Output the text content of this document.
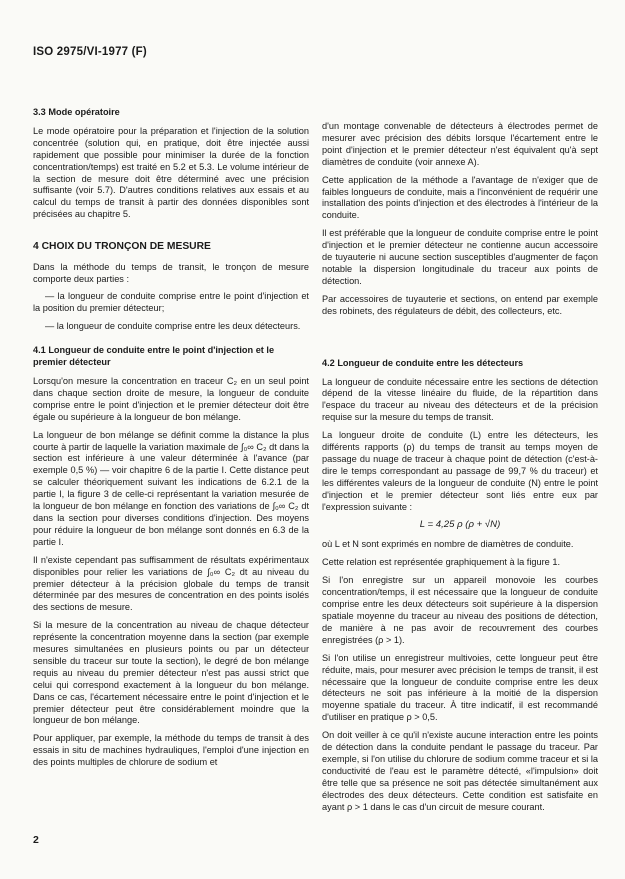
ISO 2975/VI-1977 (F)
3.3 Mode opératoire

Le mode opératoire pour la préparation et l'injection de la solution concentrée (solution qui, en pratique, doit être injectée aussi rapidement que possible pour minimiser la durée de la fonction concentration/temps) est traité en 5.2 et 5.3. Le volume intérieur de la section de mesure doit être déterminé avec une précision suffisante (voir 5.7). D'autres conditions relatives aux essais et au calcul du temps de transit à partir des données disponibles sont précisées au chapitre 5.

4 CHOIX DU TRONÇON DE MESURE

Dans la méthode du temps de transit, le tronçon de mesure comporte deux parties :

— la longueur de conduite comprise entre le point d'injection et la position du premier détecteur;

— la longueur de conduite comprise entre les deux détecteurs.

4.1 Longueur de conduite entre le point d'injection et le premier détecteur

Lorsqu'on mesure la concentration en traceur C₂ en un seul point dans chaque section droite de mesure, la longueur de conduite comprise entre le point d'injection et le premier détecteur doit être égale ou supérieure à la longueur de bon mélange.

La longueur de bon mélange se définit comme la distance la plus courte à partir de laquelle la variation maximale de ∫₀∞ C₂ dt dans la section est inférieure à une valeur déterminée à l'avance (par exemple 0,5 %) — voir chapitre 6 de la partie I. Cette distance peut se calculer théoriquement suivant les indications de 6.2.1 de la partie I, la figure 3 de celle-ci représentant la variation mesurée de la longueur de bon mélange en fonction des variations de ∫₀∞ C₂ dt dans la section pour diverses conditions d'injection. Des moyens pour réduire la longueur de bon mélange sont donnés en 6.3 de la partie I.

Il n'existe cependant pas suffisamment de résultats expérimentaux disponibles pour relier les variations de ∫₀∞ C₂ dt au niveau du premier détecteur à la précision globale du temps de transit déterminée par des mesures de concentration en des points isolés des sections de mesure.

Si la mesure de la concentration au niveau de chaque détecteur représente la concentration moyenne dans la section (par exemple mesures simultanées en plusieurs points ou par un détecteur sensible du traceur sur toute la section), le degré de bon mélange requis au niveau du premier détecteur n'est pas aussi strict que celui qui correspond exactement à la longueur du bon mélange. Dans ce cas, l'écartement nécessaire entre le point d'injection et le premier détecteur peut être considérablement moindre que la longueur de bon mélange.

Pour appliquer, par exemple, la méthode du temps de transit à des essais in situ de machines hydrauliques, l'emploi d'une injection en des points multiples de chlorure de sodium et

d'un montage convenable de détecteurs à électrodes permet de mesurer avec précision des débits lorsque l'écartement entre le point d'injection et le premier détecteur n'est équivalent qu'à sept diamètres de conduite (voir annexe A).

Cette application de la méthode a l'avantage de n'exiger que de faibles longueurs de conduite, mais a l'inconvénient de requérir une installation des points d'injection et des électrodes à l'intérieur de la conduite.

Il est préférable que la longueur de conduite comprise entre le point d'injection et le premier détecteur ne contienne aucun accessoire de tuyauterie ni aucune section susceptibles d'augmenter de façon notable la dispersion longitudinale du traceur aux points de détection.

Par accessoires de tuyauterie et sections, on entend par exemple des robinets, des régulateurs de débit, des collecteurs, etc.

4.2 Longueur de conduite entre les détecteurs

La longueur de conduite nécessaire entre les sections de détection dépend de la vitesse linéaire du fluide, de la répartition dans l'espace du traceur au niveau des détecteurs et de la précision requise sur la mesure du temps de transit.

La longueur droite de conduite (L) entre les détecteurs, les différents rapports (ρ) du temps de transit au temps moyen de passage du nuage de traceur à chaque point de détection (c'est-à-dire le temps correspondant au passage de 99,7 % du traceur) et les différentes valeurs de la longueur de conduite (N) entre le point d'injection et le premier détecteur sont liés entre eux par l'expression suivante :

L = 4,25 ρ (ρ + √N)

où L et N sont exprimés en nombre de diamètres de conduite.

Cette relation est représentée graphiquement à la figure 1.

Si l'on enregistre sur un appareil monovoie les courbes concentration/temps, il est nécessaire que la longueur de conduite comprise entre les deux détecteurs soit supérieure à la dispersion spatiale moyenne du traceur au niveau des positions de détection, de manière à ne pas avoir de recouvrement des courbes enregistrées (ρ > 1).

Si l'on utilise un enregistreur multivoies, cette longueur peut être réduite, mais, pour mesurer avec précision le temps de transit, il est nécessaire que la longueur de conduite comprise entre les deux détecteurs ne soit pas inférieure à la moitié de la dispersion moyenne spatiale du traceur. À titre indicatif, il est recommandé d'utiliser en pratique ρ > 0,5.

On doit veiller à ce qu'il n'existe aucune interaction entre les points de détection dans la conduite pendant le passage du traceur. Par exemple, si l'on utilise du chlorure de sodium comme traceur et si la conductivité de l'eau est le paramètre détecté, «l'impulsion» doit être telle que sa présence ne soit pas détectée simultanément aux électrodes des deux détecteurs. Cette condition est satisfaite en ayant ρ > 1 dans le cas d'un circuit de mesure courant.

2
